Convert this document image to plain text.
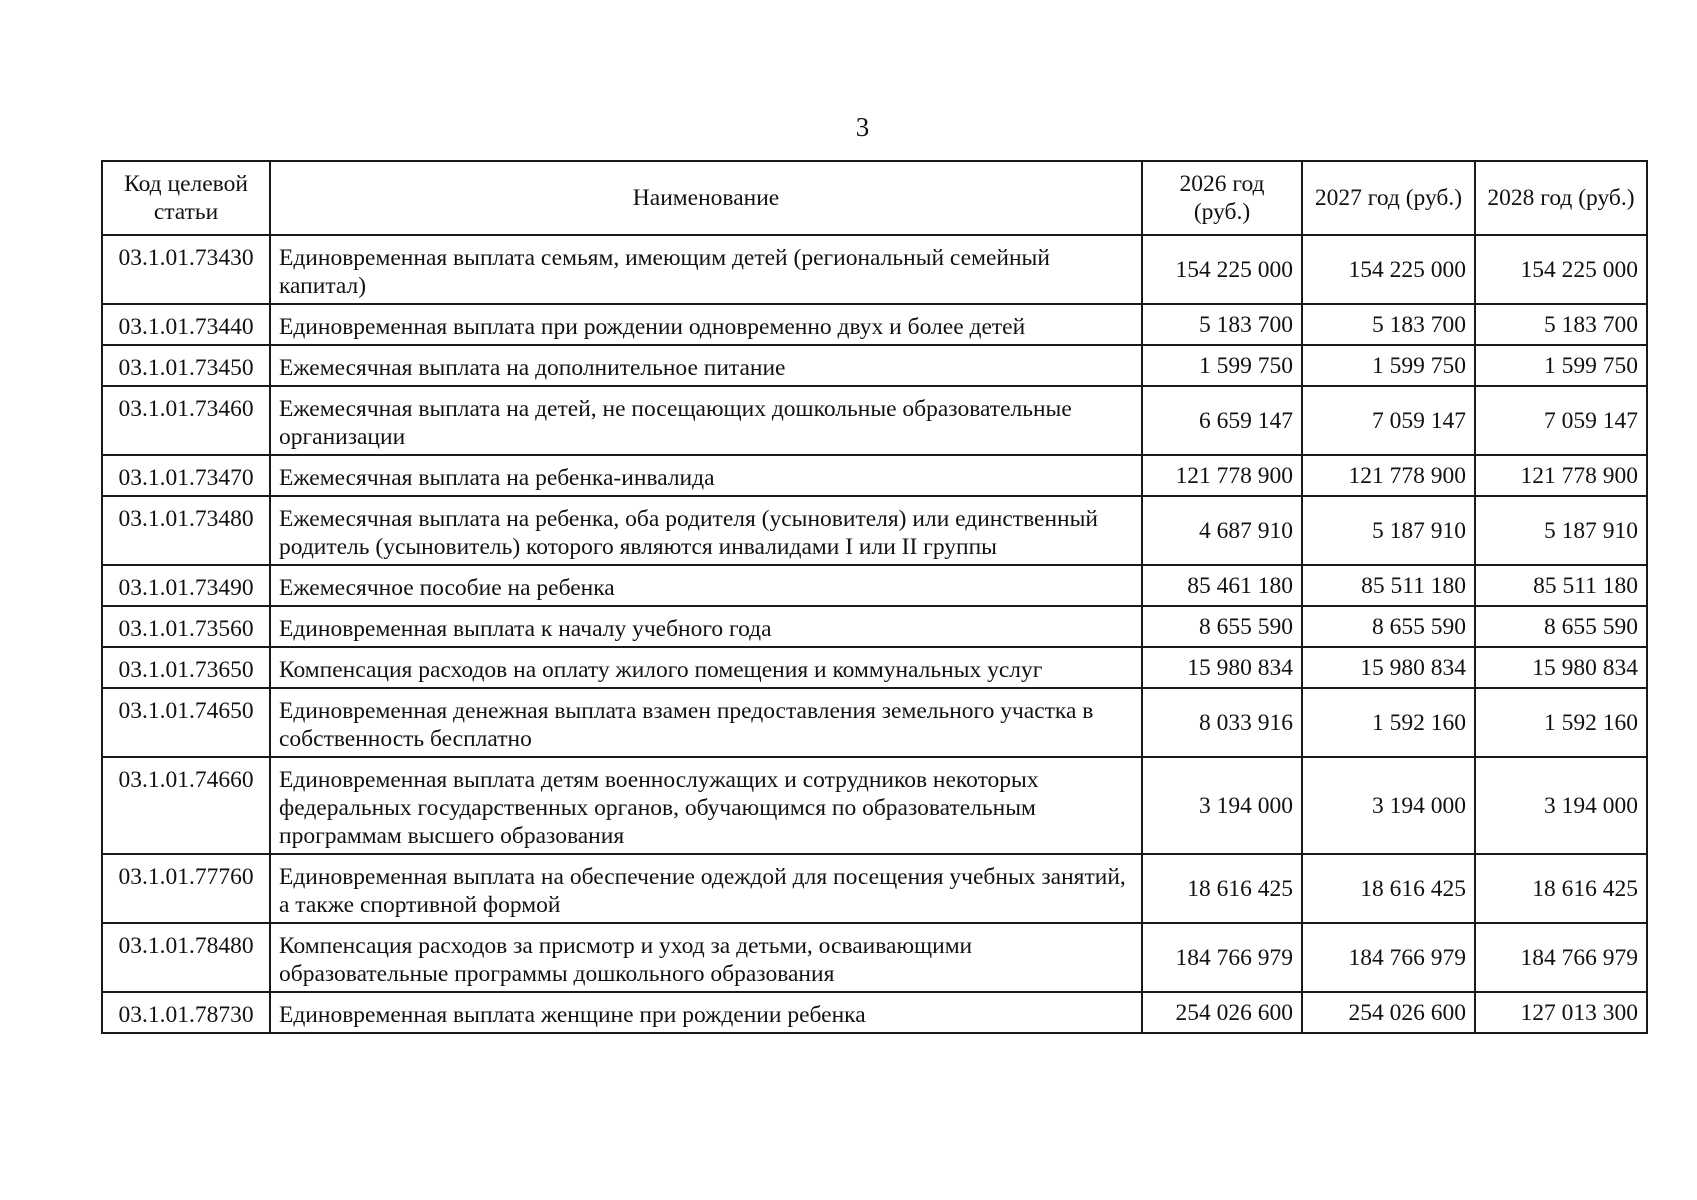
3
Код целевой статьи	Наименование	2026 год (руб.)	2027 год (руб.)	2028 год (руб.)
03.1.01.73430	Единовременная выплата семьям, имеющим детей (региональный семейный капитал)	154 225 000	154 225 000	154 225 000
03.1.01.73440	Единовременная выплата при рождении одновременно двух и более детей	5 183 700	5 183 700	5 183 700
03.1.01.73450	Ежемесячная выплата на дополнительное питание	1 599 750	1 599 750	1 599 750
03.1.01.73460	Ежемесячная выплата на детей, не посещающих дошкольные образовательные организации	6 659 147	7 059 147	7 059 147
03.1.01.73470	Ежемесячная выплата на ребенка-инвалида	121 778 900	121 778 900	121 778 900
03.1.01.73480	Ежемесячная выплата на ребенка, оба родителя (усыновителя) или единственный родитель (усыновитель) которого являются инвалидами I или II группы	4 687 910	5 187 910	5 187 910
03.1.01.73490	Ежемесячное пособие на ребенка	85 461 180	85 511 180	85 511 180
03.1.01.73560	Единовременная выплата к началу учебного года	8 655 590	8 655 590	8 655 590
03.1.01.73650	Компенсация расходов на оплату жилого помещения и коммунальных услуг	15 980 834	15 980 834	15 980 834
03.1.01.74650	Единовременная денежная выплата взамен предоставления земельного участка в собственность бесплатно	8 033 916	1 592 160	1 592 160
03.1.01.74660	Единовременная выплата детям военнослужащих и сотрудников некоторых федеральных государственных органов, обучающимся по образовательным программам высшего образования	3 194 000	3 194 000	3 194 000
03.1.01.77760	Единовременная выплата на обеспечение одеждой для посещения учебных занятий, а также спортивной формой	18 616 425	18 616 425	18 616 425
03.1.01.78480	Компенсация расходов за присмотр и уход за детьми, осваивающими образовательные программы дошкольного образования	184 766 979	184 766 979	184 766 979
03.1.01.78730	Единовременная выплата женщине при рождении ребенка	254 026 600	254 026 600	127 013 300
